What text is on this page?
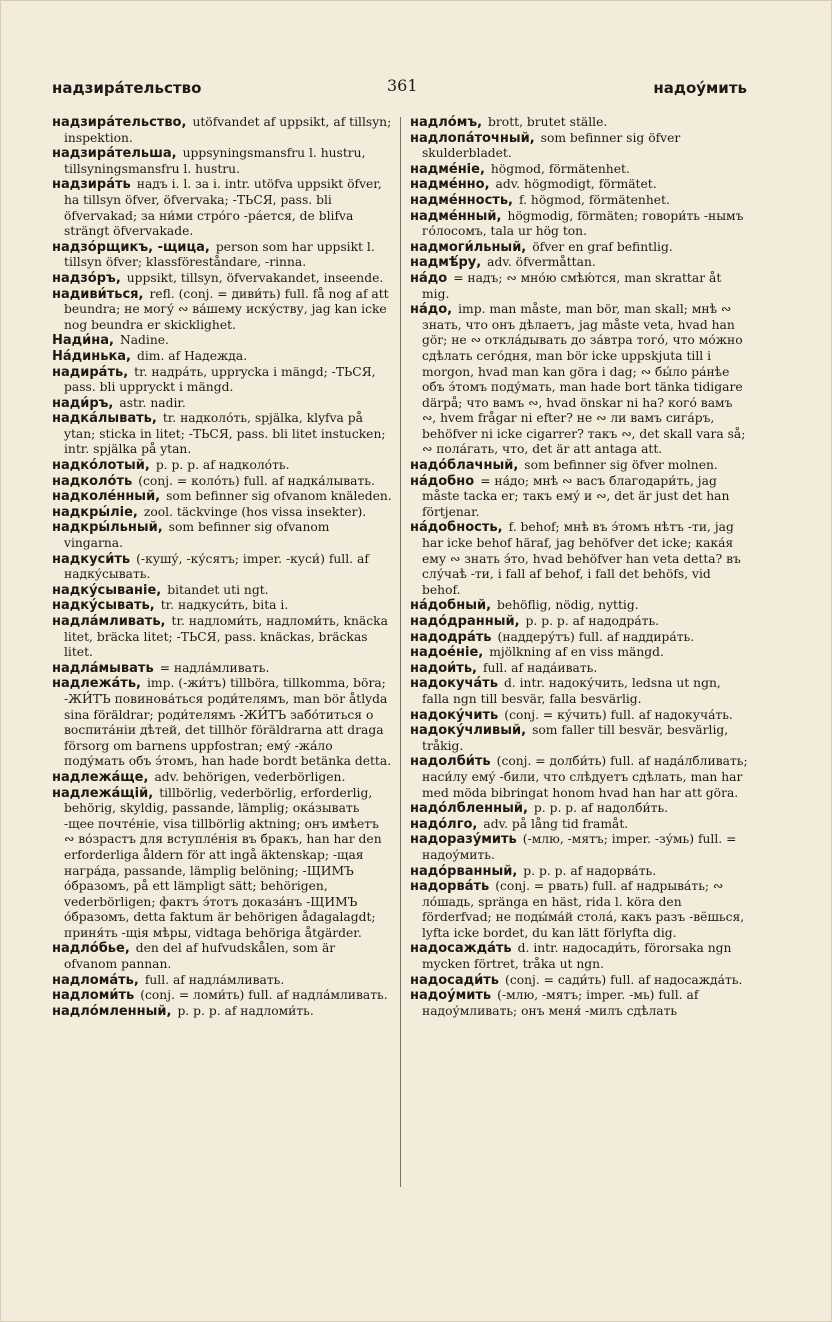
надзира́тельство	361	надоу́мить

надзира́тельство, utöfvandet af uppsikt, af tillsyn; inspektion.

надзира́тельша, uppsyningsmansfru l. hustru, tillsyningsmansfru l. hustru.

надзира́ть надъ i. l. за i. intr. utöfva uppsikt öfver, ha tillsyn öfver, öfvervaka; -ТЬСЯ, pass. bli öfvervakad; за ни́ми стро́го -ра́ется, de blifva strängt öfvervakade.

надзо́рщикъ, -щица, person som har uppsikt l. tillsyn öfver; klassföreståndare, -rinna.

надзо́ръ, uppsikt, tillsyn, öfvervakandet, inseende.

надиви́ться, refl. (conj. = диви́ть) full. få nog af att beundra; не могу́ ∾ ва́шему иску́ству, jag kan icke nog beundra er skicklighet.

Нади́на, Nadine.

На́динька, dim. af Надежда.

надира́ть, tr. надра́ть, upprycka i mängd; -ТЬСЯ, pass. bli uppryckt i mängd.

нади́ръ, astr. nadir.

надка́лывать, tr. надколо́ть, spjälka, klyfva på ytan; sticka in litet; -ТЬСЯ, pass. bli litet instucken; intr. spjälka på ytan.

надко́лотый, p. p. p. af надколо́ть.

надколо́ть (conj. = коло́ть) full. af надка́лывать.

надколе́нный, som befinner sig ofvanom knäleden.

надкры́ліе, zool. täckvinge (hos vissa insekter).

надкры́льный, som befinner sig ofvanom vingarna.

надкуси́ть (-кушу́, -ку́сятъ; imper. -куси́) full. af надку́сывать.

надку́сываніе, bitandet uti ngt.

надку́сывать, tr. надкуси́ть, bita i.

надла́мливать, tr. надломи́ть, надломи́ть, knäcka litet, bräcka litet; -ТЬСЯ, pass. knäckas, bräckas litet.

надла́мывать = надла́мливать.

надлежа́ть, imp. (-жи́тъ) tillböra, tillkomma, böra; -ЖИ́ТЪ повинова́ться роди́телямъ, man bör åtlyda sina föräldrar; роди́телямъ -ЖИ́ТЪ забо́титься о воспита́ніи дѣтей, det tillhör föräldrarna att draga försorg om barnens uppfostran; ему́ -жа́ло поду́мать объ э́томъ, han hade bordt betänka detta.

надлежа́ще, adv. behörigen, vederbörligen.

надлежа́щій, tillbörlig, vederbörlig, erforderlig, behörig, skyldig, passande, lämplig; ока́зывать -щее почте́ніе, visa tillbörlig aktning; онъ имѣетъ ∾ во́зрастъ для вступле́нія въ бракъ, han har den erforderliga åldern för att ingå äktenskap; -щая награ́да, passande, lämplig belöning; -ЩИМЪ о́бразомъ, på ett lämpligt sätt; behörigen, vederbörligen; фактъ э́тотъ доказа́нъ -ЩИМЪ о́бразомъ, detta faktum är behörigen ådagalagdt; приня́ть -щія мѣры, vidtaga behöriga åtgärder.

надло́бье, den del af hufvudskålen, som är ofvanom pannan.

надлома́ть, full. af надла́мливать.

надломи́ть (conj. = ломи́ть) full. af надла́мливать.

надло́мленный, p. p. p. af надломи́ть.

надло́мъ, brott, brutet ställe.

надлопа́точный, som befinner sig öfver skulderbladet.

надме́ніе, högmod, förmätenhet.

надме́нно, adv. högmodigt, förmätet.

надме́нность, f. högmod, förmätenhet.

надме́нный, högmodig, förmäten; говори́ть -нымъ го́лосомъ, tala ur hög ton.

надмоги́льный, öfver en graf befintlig.

надмѣ́ру, adv. öfvermåttan.

на́до = надъ; ∾ мно́ю смѣю́тся, man skrattar åt mig.

на́до, imp. man måste, man bör, man skall; мнѣ ∾ знать, что онъ дѣлаетъ, jag måste veta, hvad han gör; не ∾ откла́дывать до за́втра того́, что мо́жно сдѣлать сего́дня, man bör icke uppskjuta till i morgon, hvad man kan göra i dag; ∾ бы́ло ра́нѣе объ э́томъ поду́мать, man hade bort tänka tidigare därpå; что вамъ ∾, hvad önskar ni ha? кого́ вамъ ∾, hvem frågar ni efter? не ∾ ли вамъ сига́ръ, behöfver ni icke cigarrer? такъ ∾, det skall vara så; ∾ пола́гать, что, det är att antaga att.

надо́блачный, som befinner sig öfver molnen.

на́добно = на́до; мнѣ ∾ васъ благодари́ть, jag måste tacka er; такъ ему́ и ∾, det är just det han förtjenar.

на́добность, f. behof; мнѣ въ э́томъ нѣтъ -ти, jag har icke behof häraf, jag behöfver det icke; кака́я ему ∾ знать э́то, hvad behöfver han veta detta? въ слу́чаѣ -ти, i fall af behof, i fall det behöfs, vid behof.

на́добный, behöflig, nödig, nyttig.

надо́дранный, p. p. p. af надодра́ть.

надодра́ть (наддеру́тъ) full. af наддира́ть.

надое́ніе, mjölkning af en viss mängd.

надои́ть, full. af нада́ивать.

надокуча́ть d. intr. надоку́чить, ledsna ut ngn, falla ngn till besvär, falla besvärlig.

надоку́чить (conj. = ку́чить) full. af надокуча́ть.

надоку́чливый, som faller till besvär, besvärlig, tråkig.

надолби́ть (conj. = долби́ть) full. af нада́лбливать; наси́лу ему́ -били, что слѣдуетъ сдѣлать, man har med möda bibringat honom hvad han har att göra.

надо́лбленный, p. p. p. af надолби́ть.

надо́лго, adv. på lång tid framåt.

надоразу́мить (-млю, -мятъ; imper. -зу́мь) full. = надоу́мить.

надо́рванный, p. p. p. af надорва́ть.

надорва́ть (conj. = рвать) full. af надрыва́ть; ∾ ло́шадь, spränga en häst, rida l. köra den förderfvad; не поды́ма́й стола́, какъ разъ -вёшься, lyfta icke bordet, du kan lätt förlyfta dig.

надосажда́ть d. intr. надосади́ть, förorsaka ngn mycken förtret, tråka ut ngn.

надосади́ть (conj. = сади́ть) full. af надосажда́ть.

надоу́мить (-млю, -мятъ; imper. -мь) full. af надоу́мливать; онъ меня́ -милъ сдѣлать
